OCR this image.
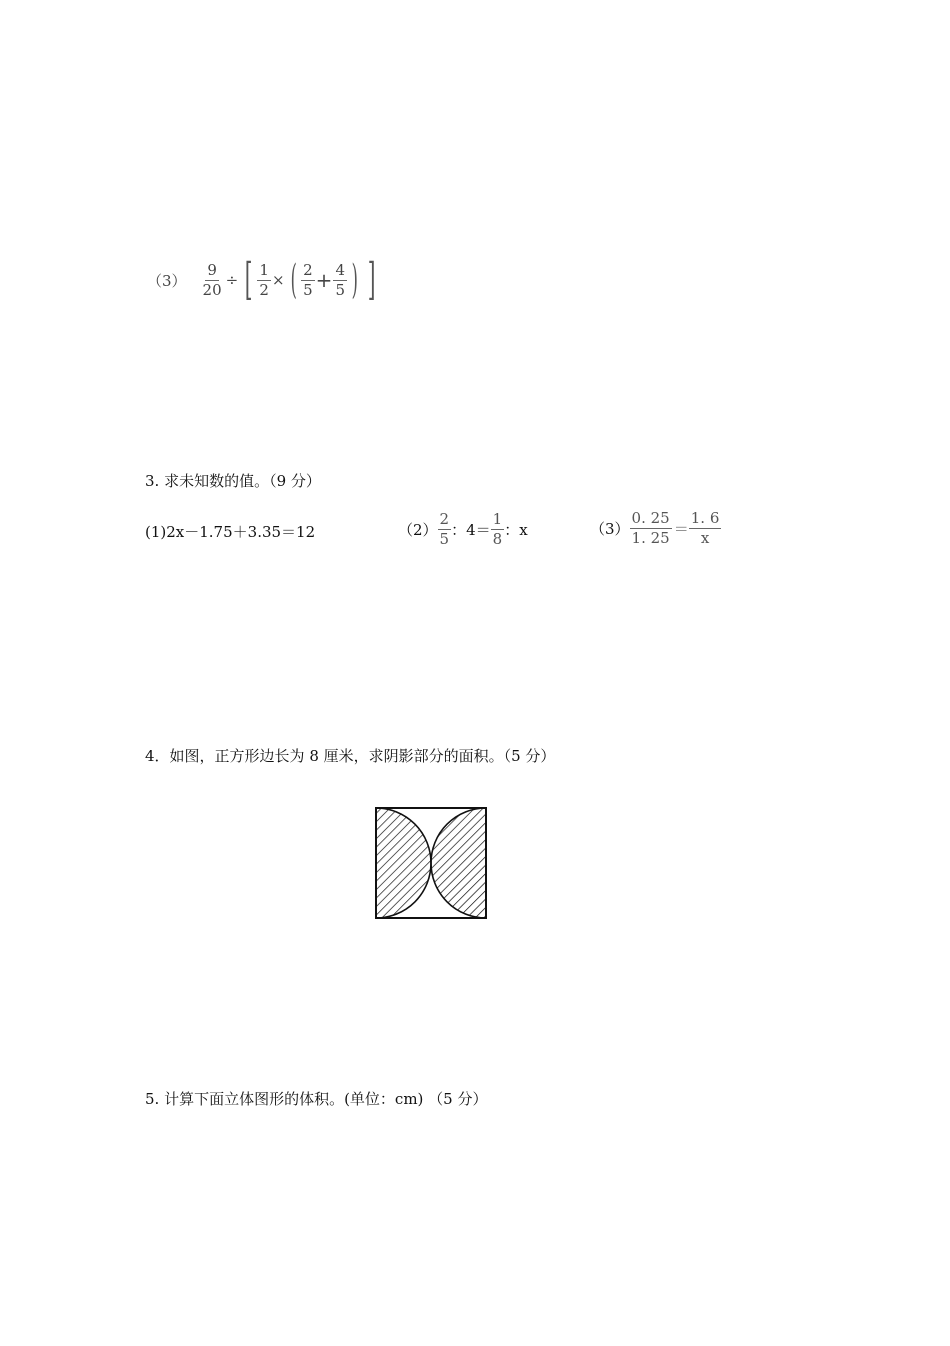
$(3) \frac{9}{20}$ ÷ [ $\frac{1}{2}$ × ( $\frac{2}{5} + \frac{4}{5}$ ) ]
3. 求未知数的值。（9 分）
(1)2x－1.75＋3.35＝12	$(2) \frac{2}{5}$ ：$4= \frac{1}{8}$ ：x	$(3) \frac{0. 25}{1. 25} = \frac{1. 6}{x}$
4．如图，正方形边长为 8 厘米，求阴影部分的面积。（5 分）
5. 计算下面立体图形的体积。(单位：cm) （5 分）
